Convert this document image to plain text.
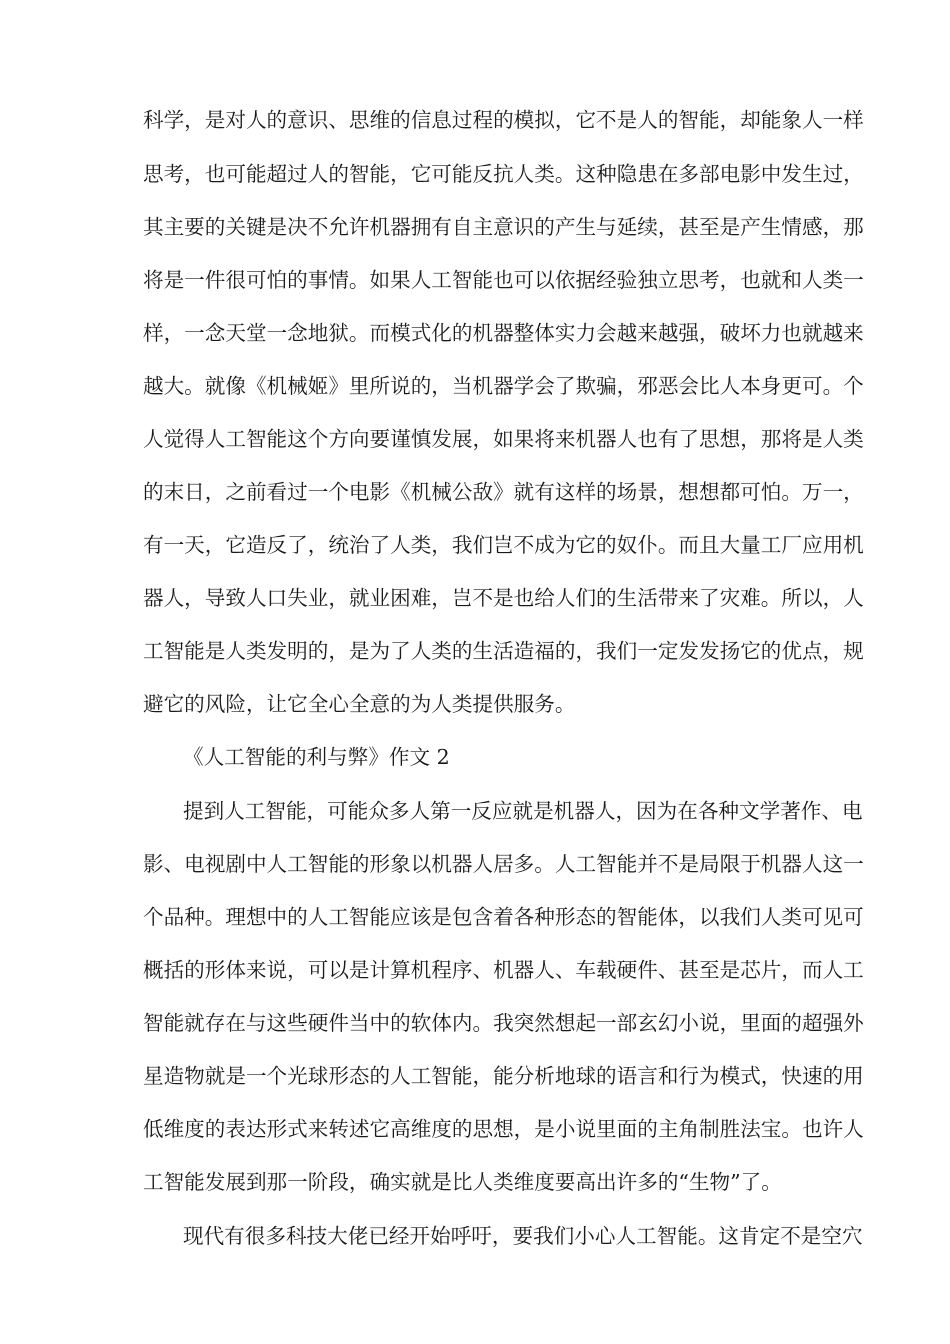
科学，是对人的意识、思维的信息过程的模拟，它不是人的智能，却能象人一样
思考，也可能超过人的智能，它可能反抗人类。这种隐患在多部电影中发生过，
其主要的关键是决不允许机器拥有自主意识的产生与延续，甚至是产生情感，那
将是一件很可怕的事情。如果人工智能也可以依据经验独立思考，也就和人类一
样，一念天堂一念地狱。而模式化的机器整体实力会越来越强，破坏力也就越来
越大。就像《机械姬》里所说的，当机器学会了欺骗，邪恶会比人本身更可。个
人觉得人工智能这个方向要谨慎发展，如果将来机器人也有了思想，那将是人类
的末日，之前看过一个电影《机械公敌》就有这样的场景，想想都可怕。万一，
有一天，它造反了，统治了人类，我们岂不成为它的奴仆。而且大量工厂应用机
器人，导致人口失业，就业困难，岂不是也给人们的生活带来了灾难。所以，人
工智能是人类发明的，是为了人类的生活造福的，我们一定发发扬它的优点，规
避它的风险，让它全心全意的为人类提供服务。
《人工智能的利与弊》作文 2
提到人工智能，可能众多人第一反应就是机器人，因为在各种文学著作、电
影、电视剧中人工智能的形象以机器人居多。人工智能并不是局限于机器人这一
个品种。理想中的人工智能应该是包含着各种形态的智能体，以我们人类可见可
概括的形体来说，可以是计算机程序、机器人、车载硬件、甚至是芯片，而人工
智能就存在与这些硬件当中的软体内。我突然想起一部玄幻小说，里面的超强外
星造物就是一个光球形态的人工智能，能分析地球的语言和行为模式，快速的用
低维度的表达形式来转述它高维度的思想，是小说里面的主角制胜法宝。也许人
工智能发展到那一阶段，确实就是比人类维度要高出许多的“生物”了。
现代有很多科技大佬已经开始呼吁，要我们小心人工智能。这肯定不是空穴
